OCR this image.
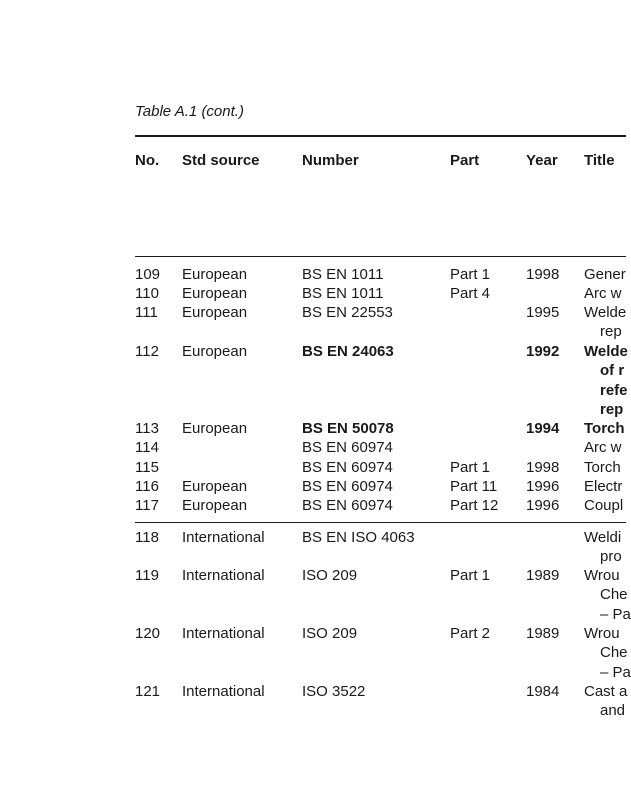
Table A.1 (cont.)
No. Std source	Number	Part	Year Title
109 European	BS EN 1011	Part 1 1998 Gener
110 European	BS EN 1011	Part 4	Arc w
111 European	BS EN 22553	1995 Welde
rep
112 European	BS EN 24063	1992 Welde
of r
refe
rep
113 European	BS EN 50078	1994 Torch
114	BS EN 60974	Arc w
115	BS EN 60974	Part 1 1998 Torch
116 European	BS EN 60974	Part 11 1996 Electr
117 European	BS EN 60974	Part 12 1996 Coupl
118 International BS EN ISO 4063	Weldi
pro
119 International ISO 209	Part 1 1989 Wrou
Che
– Pa
120 International ISO 209	Part 2 1989 Wrou
Che
– Pa
121 International ISO 3522	1984 Cast a
and
